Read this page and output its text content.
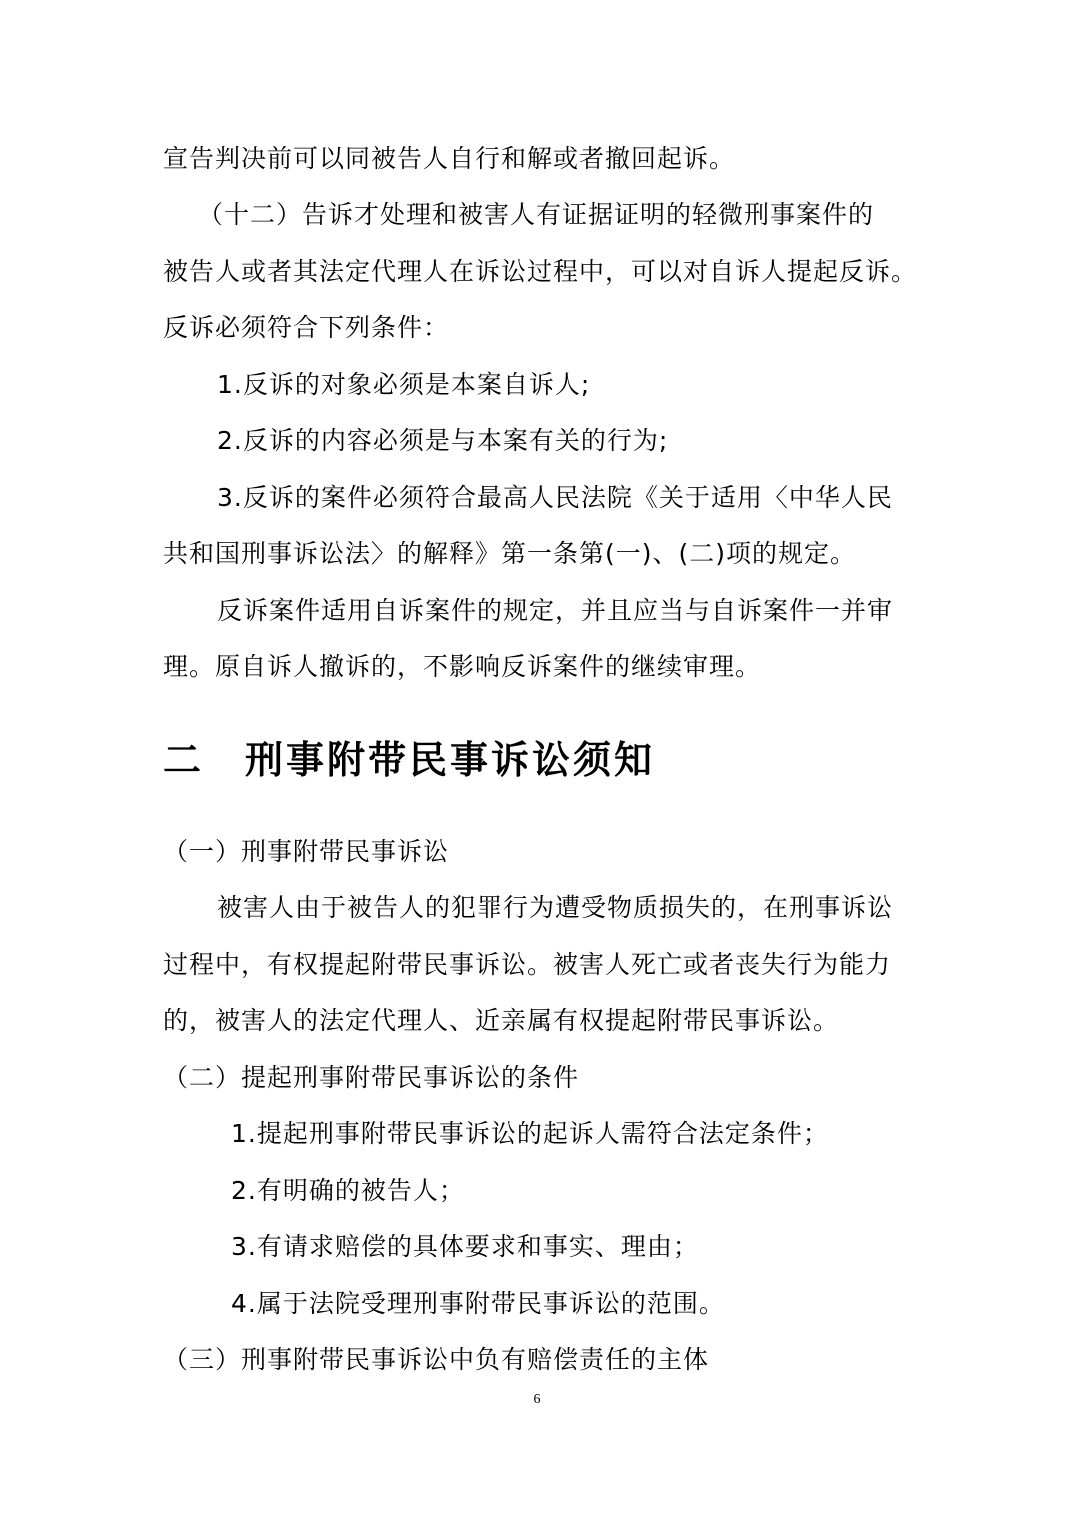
宣告判决前可以同被告人自行和解或者撤回起诉。
（十二）告诉才处理和被害人有证据证明的轻微刑事案件的
被告人或者其法定代理人在诉讼过程中，可以对自诉人提起反诉。
反诉必须符合下列条件：
1.反诉的对象必须是本案自诉人;
2.反诉的内容必须是与本案有关的行为;
3.反诉的案件必须符合最高人民法院《关于适用〈中华人民
共和国刑事诉讼法〉的解释》第一条第(一)、(二)项的规定。
反诉案件适用自诉案件的规定，并且应当与自诉案件一并审
理。原自诉人撤诉的，不影响反诉案件的继续审理。
二 刑事附带民事诉讼须知
（一）刑事附带民事诉讼
被害人由于被告人的犯罪行为遭受物质损失的，在刑事诉讼
过程中，有权提起附带民事诉讼。被害人死亡或者丧失行为能力
的，被害人的法定代理人、近亲属有权提起附带民事诉讼。
（二）提起刑事附带民事诉讼的条件
1.提起刑事附带民事诉讼的起诉人需符合法定条件；
2.有明确的被告人；
3.有请求赔偿的具体要求和事实、理由；
4.属于法院受理刑事附带民事诉讼的范围。
（三）刑事附带民事诉讼中负有赔偿责任的主体
6
